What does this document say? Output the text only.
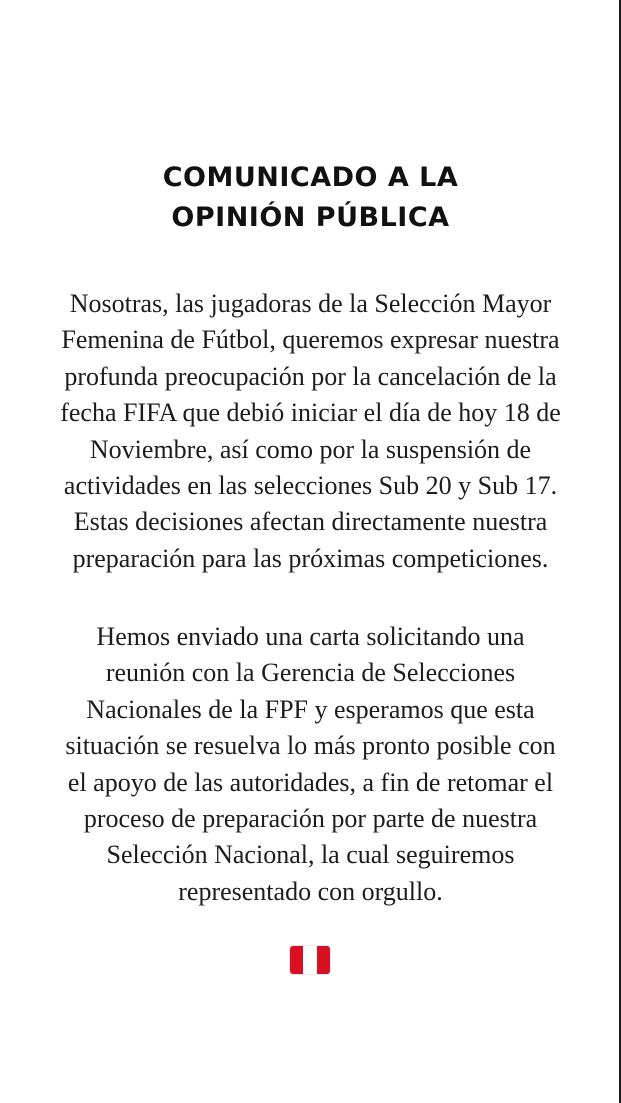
COMUNICADO A LA
OPINIÓN PÚBLICA
Nosotras, las jugadoras de la Selección Mayor
Femenina de Fútbol, queremos expresar nuestra
profunda preocupación por la cancelación de la
fecha FIFA que debió iniciar el día de hoy 18 de
Noviembre, así como por la suspensión de
actividades en las selecciones Sub 20 y Sub 17.
Estas decisiones afectan directamente nuestra
preparación para las próximas competiciones.
Hemos enviado una carta solicitando una
reunión con la Gerencia de Selecciones
Nacionales de la FPF y esperamos que esta
situación se resuelva lo más pronto posible con
el apoyo de las autoridades, a fin de retomar el
proceso de preparación por parte de nuestra
Selección Nacional, la cual seguiremos
representado con orgullo.
